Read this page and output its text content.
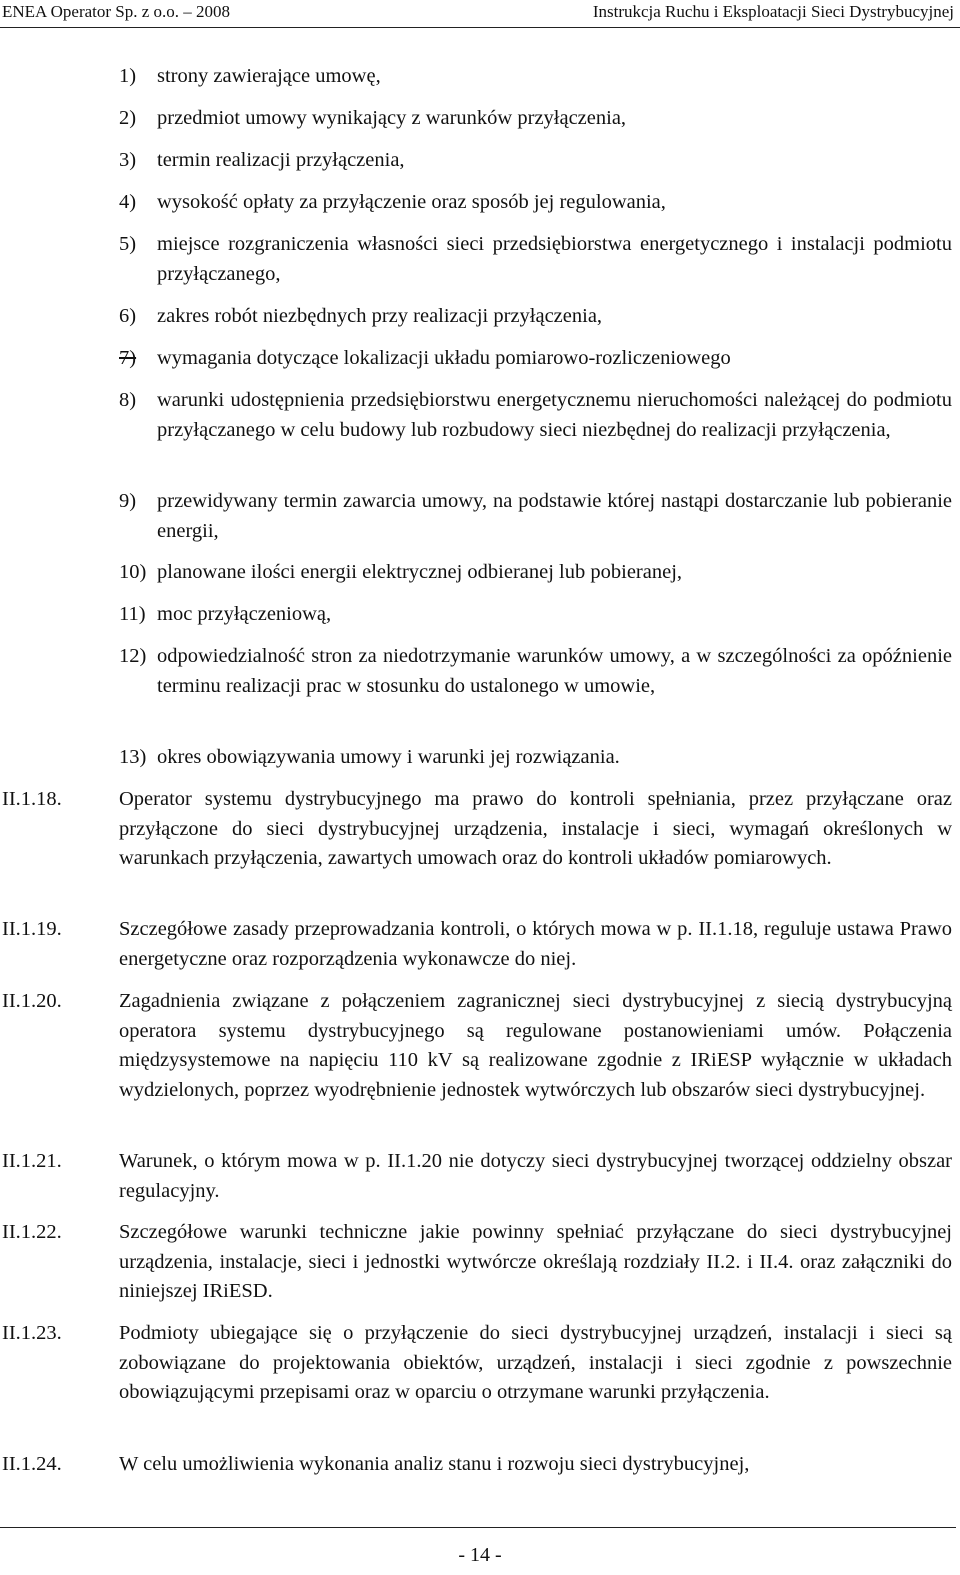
ENEA Operator Sp. z o.o. – 2008	Instrukcja Ruchu i Eksploatacji Sieci Dystrybucyjnej
1) strony zawierające umowę,
2) przedmiot umowy wynikający z warunków przyłączenia,
3) termin realizacji przyłączenia,
4) wysokość opłaty za przyłączenie oraz sposób jej regulowania,
5) miejsce rozgraniczenia własności sieci przedsiębiorstwa energetycznego i instalacji podmiotu przyłączanego,
6) zakres robót niezbędnych przy realizacji przyłączenia,
7) wymagania dotyczące lokalizacji układu pomiarowo-rozliczeniowego
8) warunki udostępnienia przedsiębiorstwu energetycznemu nieruchomości należącej do podmiotu przyłączanego w celu budowy lub rozbudowy sieci niezbędnej do realizacji przyłączenia,
9) przewidywany termin zawarcia umowy, na podstawie której nastąpi dostarczanie lub pobieranie energii,
10) planowane ilości energii elektrycznej odbieranej lub pobieranej,
11) moc przyłączeniową,
12) odpowiedzialność stron za niedotrzymanie warunków umowy, a w szczególności za opóźnienie terminu realizacji prac w stosunku do ustalonego w umowie,
13) okres obowiązywania umowy i warunki jej rozwiązania.
II.1.18.	Operator systemu dystrybucyjnego ma prawo do kontroli spełniania, przez przyłączane oraz przyłączone do sieci dystrybucyjnej urządzenia, instalacje i sieci, wymagań określonych w warunkach przyłączenia, zawartych umowach oraz do kontroli układów pomiarowych.
II.1.19.	Szczegółowe zasady przeprowadzania kontroli, o których mowa w p. II.1.18, reguluje ustawa Prawo energetyczne oraz rozporządzenia wykonawcze do niej.
II.1.20.	Zagadnienia związane z połączeniem zagranicznej sieci dystrybucyjnej z siecią dystrybucyjną operatora systemu dystrybucyjnego są regulowane postanowieniami umów. Połączenia międzysystemowe na napięciu 110 kV są realizowane zgodnie z IRiESP wyłącznie w układach wydzielonych, poprzez wyodrębnienie jednostek wytwórczych lub obszarów sieci dystrybucyjnej.
II.1.21.	Warunek, o którym mowa w p. II.1.20 nie dotyczy sieci dystrybucyjnej tworzącej oddzielny obszar regulacyjny.
II.1.22.	Szczegółowe warunki techniczne jakie powinny spełniać przyłączane do sieci dystrybucyjnej urządzenia, instalacje, sieci i jednostki wytwórcze określają rozdziały II.2. i II.4. oraz załączniki do niniejszej IRiESD.
II.1.23.	Podmioty ubiegające się o przyłączenie do sieci dystrybucyjnej urządzeń, instalacji i sieci są zobowiązane do projektowania obiektów, urządzeń, instalacji i sieci zgodnie z powszechnie obowiązującymi przepisami oraz w oparciu o otrzymane warunki przyłączenia.
II.1.24.	W celu umożliwienia wykonania analiz stanu i rozwoju sieci dystrybucyjnej,
- 14 -
